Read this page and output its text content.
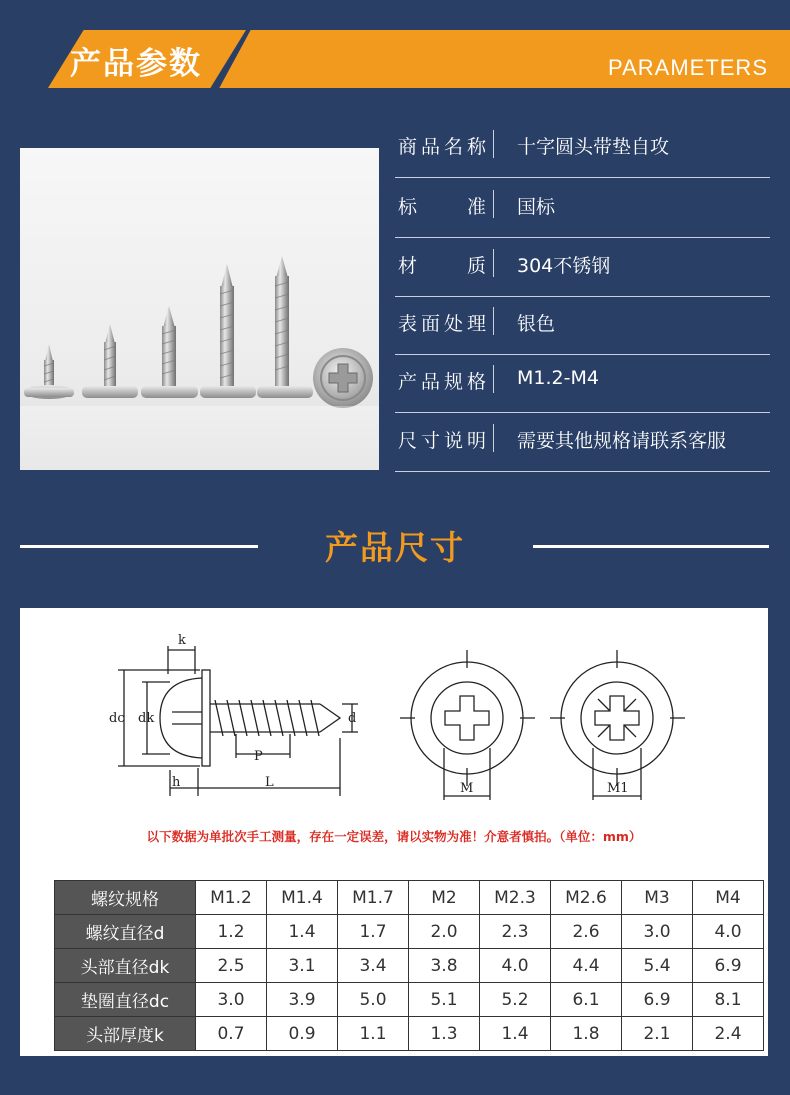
产品参数	PARAMETERS
商品名称 十字圆头带垫自攻
标准 国标
材质 304不锈钢
表面处理 银色
产品规格 M1.2-M4
尺寸说明 需要其他规格请联系客服
产品尺寸
k
dc dk	d
P
L
h	M	M1
以下数据为单批次手工测量，存在一定误差，请以实物为准！介意者慎拍。（单位：mm）
螺纹规格	M1.2	M1.4	M1.7	M2	M2.3	M2.6	M3	M4
螺纹直径d	1.2	1.4	1.7	2.0	2.3	2.6	3.0	4.0
头部直径dk	2.5	3.1	3.4	3.8	4.0	4.4	5.4	6.9
垫圈直径dc	3.0	3.9	5.0	5.1	5.2	6.1	6.9	8.1
头部厚度k	0.7	0.9	1.1	1.3	1.4	1.8	2.1	2.4
